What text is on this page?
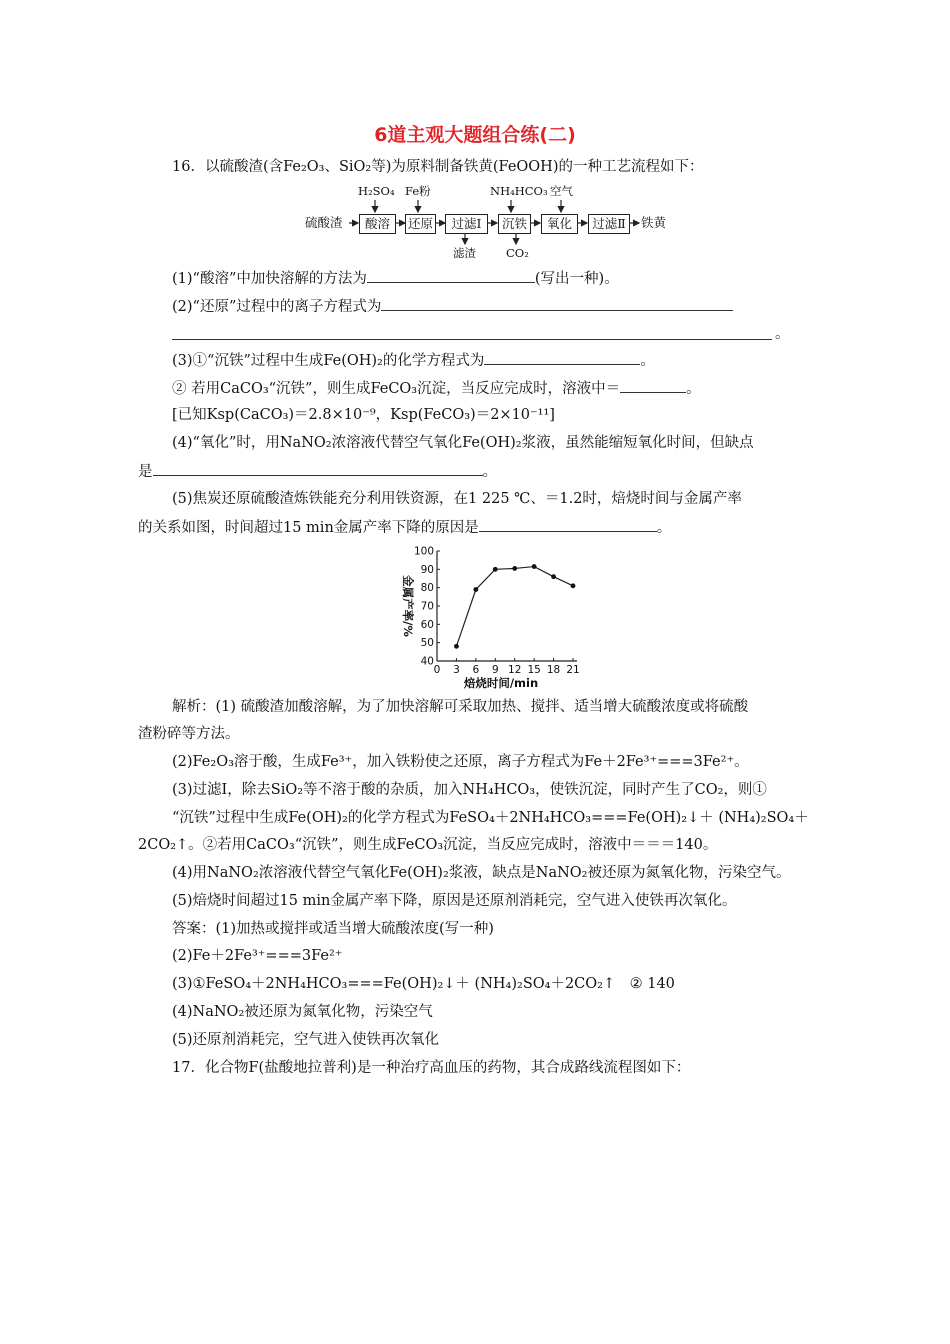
6道主观大题组合练(二)
16．以硫酸渣(含Fe₂O₃、SiO₂等)为原料制备铁黄(FeOOH)的一种工艺流程如下：
硫酸渣	酸溶	还原	过滤Ⅰ	沉铁	氧化	过滤Ⅱ	铁黄
H₂SO₄ Fe粉	NH₄HCO₃ 空气
滤渣	CO₂
(1)“酸溶”中加快溶解的方法为	(写出一种)。
(2)“还原”过程中的离子方程式为
。
(3)①“沉铁”过程中生成Fe(OH)₂的化学方程式为	。
② 若用CaCO₃“沉铁”，则生成FeCO₃沉淀，当反应完成时，溶液中＝	。
[已知Ksp(CaCO₃)＝2.8×10⁻⁹，Ksp(FeCO₃)＝2×10⁻¹¹]
(4)“氧化”时，用NaNO₂浓溶液代替空气氧化Fe(OH)₂浆液，虽然能缩短氧化时间，但缺点
是	。
(5)焦炭还原硫酸渣炼铁能充分利用铁资源，在1 225 ℃、＝1.2时，焙烧时间与金属产率
的关系如图，时间超过15 min金属产率下降的原因是	。
40
50
60
70
80
90
100
0 3 6 9 12 15 18 21
焙烧时间/min
金属产率/%
解析：(1) 硫酸渣加酸溶解，为了加快溶解可采取加热、搅拌、适当增大硫酸浓度或将硫酸
渣粉碎等方法。
(2)Fe₂O₃溶于酸，生成Fe³⁺，加入铁粉使之还原，离子方程式为Fe＋2Fe³⁺===3Fe²⁺。
(3)过滤Ⅰ，除去SiO₂等不溶于酸的杂质，加入NH₄HCO₃，使铁沉淀，同时产生了CO₂，则①
“沉铁”过程中生成Fe(OH)₂的化学方程式为FeSO₄＋2NH₄HCO₃===Fe(OH)₂↓＋ (NH₄)₂SO₄＋
2CO₂↑。②若用CaCO₃“沉铁”，则生成FeCO₃沉淀，当反应完成时，溶液中＝＝＝140。
(4)用NaNO₂浓溶液代替空气氧化Fe(OH)₂浆液，缺点是NaNO₂被还原为氮氧化物，污染空气。
(5)焙烧时间超过15 min金属产率下降，原因是还原剂消耗完，空气进入使铁再次氧化。
答案：(1)加热或搅拌或适当增大硫酸浓度(写一种)
(2)Fe＋2Fe³⁺===3Fe²⁺
(3)①FeSO₄＋2NH₄HCO₃===Fe(OH)₂↓＋ (NH₄)₂SO₄＋2CO₂↑　② 140
(4)NaNO₂被还原为氮氧化物，污染空气
(5)还原剂消耗完，空气进入使铁再次氧化
17．化合物F(盐酸地拉普利)是一种治疗高血压的药物，其合成路线流程图如下：
